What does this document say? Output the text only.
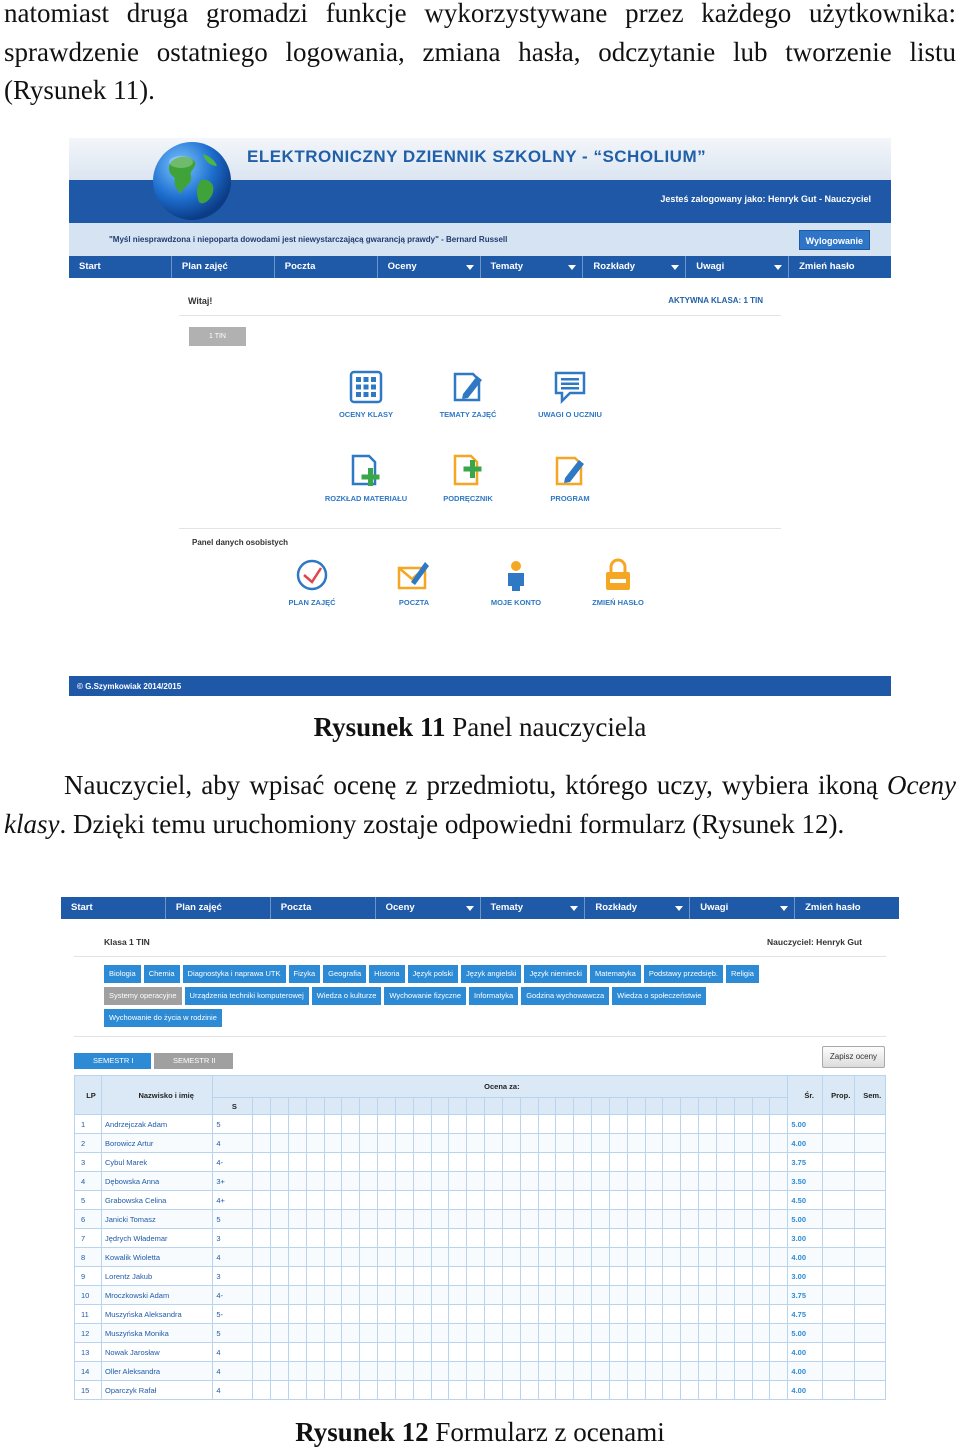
natomiast druga gromadzi funkcje wykorzystywane przez każdego użytkownika: sprawdzenie ostatniego logowania, zmiana hasła, odczytanie lub tworzenie listu (Rysunek 11).
ELEKTRONICZNY DZIENNIK SZKOLNY - “SCHOLIUM”
Jesteś zalogowany jako: Henryk Gut - Nauczyciel
"Myśl niesprawdzona i niepoparta dowodami jest niewystarczającą gwarancją prawdy" - Bernard Russell	Wylogowanie
Start	Plan zajęć	Poczta	Oceny	Tematy	Rozkłady	Uwagi	Zmień hasło
Witaj!	AKTYWNA KLASA: 1 TIN
1 TIN
OCENY KLASY	TEMATY ZAJĘĆ	UWAGI O UCZNIU
ROZKŁAD MATERIAŁU	PODRĘCZNIK	PROGRAM
Panel danych osobistych
PLAN ZAJĘĆ	POCZTA	MOJE KONTO	ZMIEŃ HASŁO
© G.Szymkowiak 2014/2015
Rysunek 11 Panel nauczyciela
Nauczyciel, aby wpisać ocenę z przedmiotu, którego uczy, wybiera ikoną Oceny klasy. Dzięki temu uruchomiony zostaje odpowiedni formularz (Rysunek 12).
Start	Plan zajęć	Poczta	Oceny	Tematy	Rozkłady	Uwagi	Zmień hasło
Klasa 1 TIN	Nauczyciel: Henryk Gut
Biologia	Chemia	Diagnostyka i naprawa UTK	Fizyka	Geografia	Historia	Język polski	Język angielski	Język niemiecki	Matematyka	Podstawy przedsięb.	Religia
Systemy operacyjne	Urządzenia techniki komputerowej	Wiedza o kulturze	Wychowanie fizyczne	Informatyka	Godzina wychowawcza	Wiedza o społeczeństwie
Wychowanie do życia w rodzinie
SEMESTR I	SEMESTR II	Zapisz oceny
LP	Nazwisko i imię	Ocena za:																															Śr.	Prop.	Sem.
		S																																	
1	Andrzejczak Adam	5																															5.00		
2	Borowicz Artur	4																															4.00		
3	Cybul Marek	4-																															3.75		
4	Dębowska Anna	3+																															3.50		
5	Grabowska Celina	4+																															4.50		
6	Janicki Tomasz	5																															5.00		
7	Jędrych Włademar	3																															3.00		
8	Kowalik Wioletta	4																															4.00		
9	Lorentz Jakub	3																															3.00		
10	Mroczkowski Adam	4-																															3.75		
11	Muszyńska Aleksandra	5-																															4.75		
12	Muszyńska Monika	5																															5.00		
13	Nowak Jarosław	4																															4.00		
14	Oller Aleksandra	4																															4.00		
15	Oparczyk Rafał	4																															4.00		
Rysunek 12 Formularz z ocenami
